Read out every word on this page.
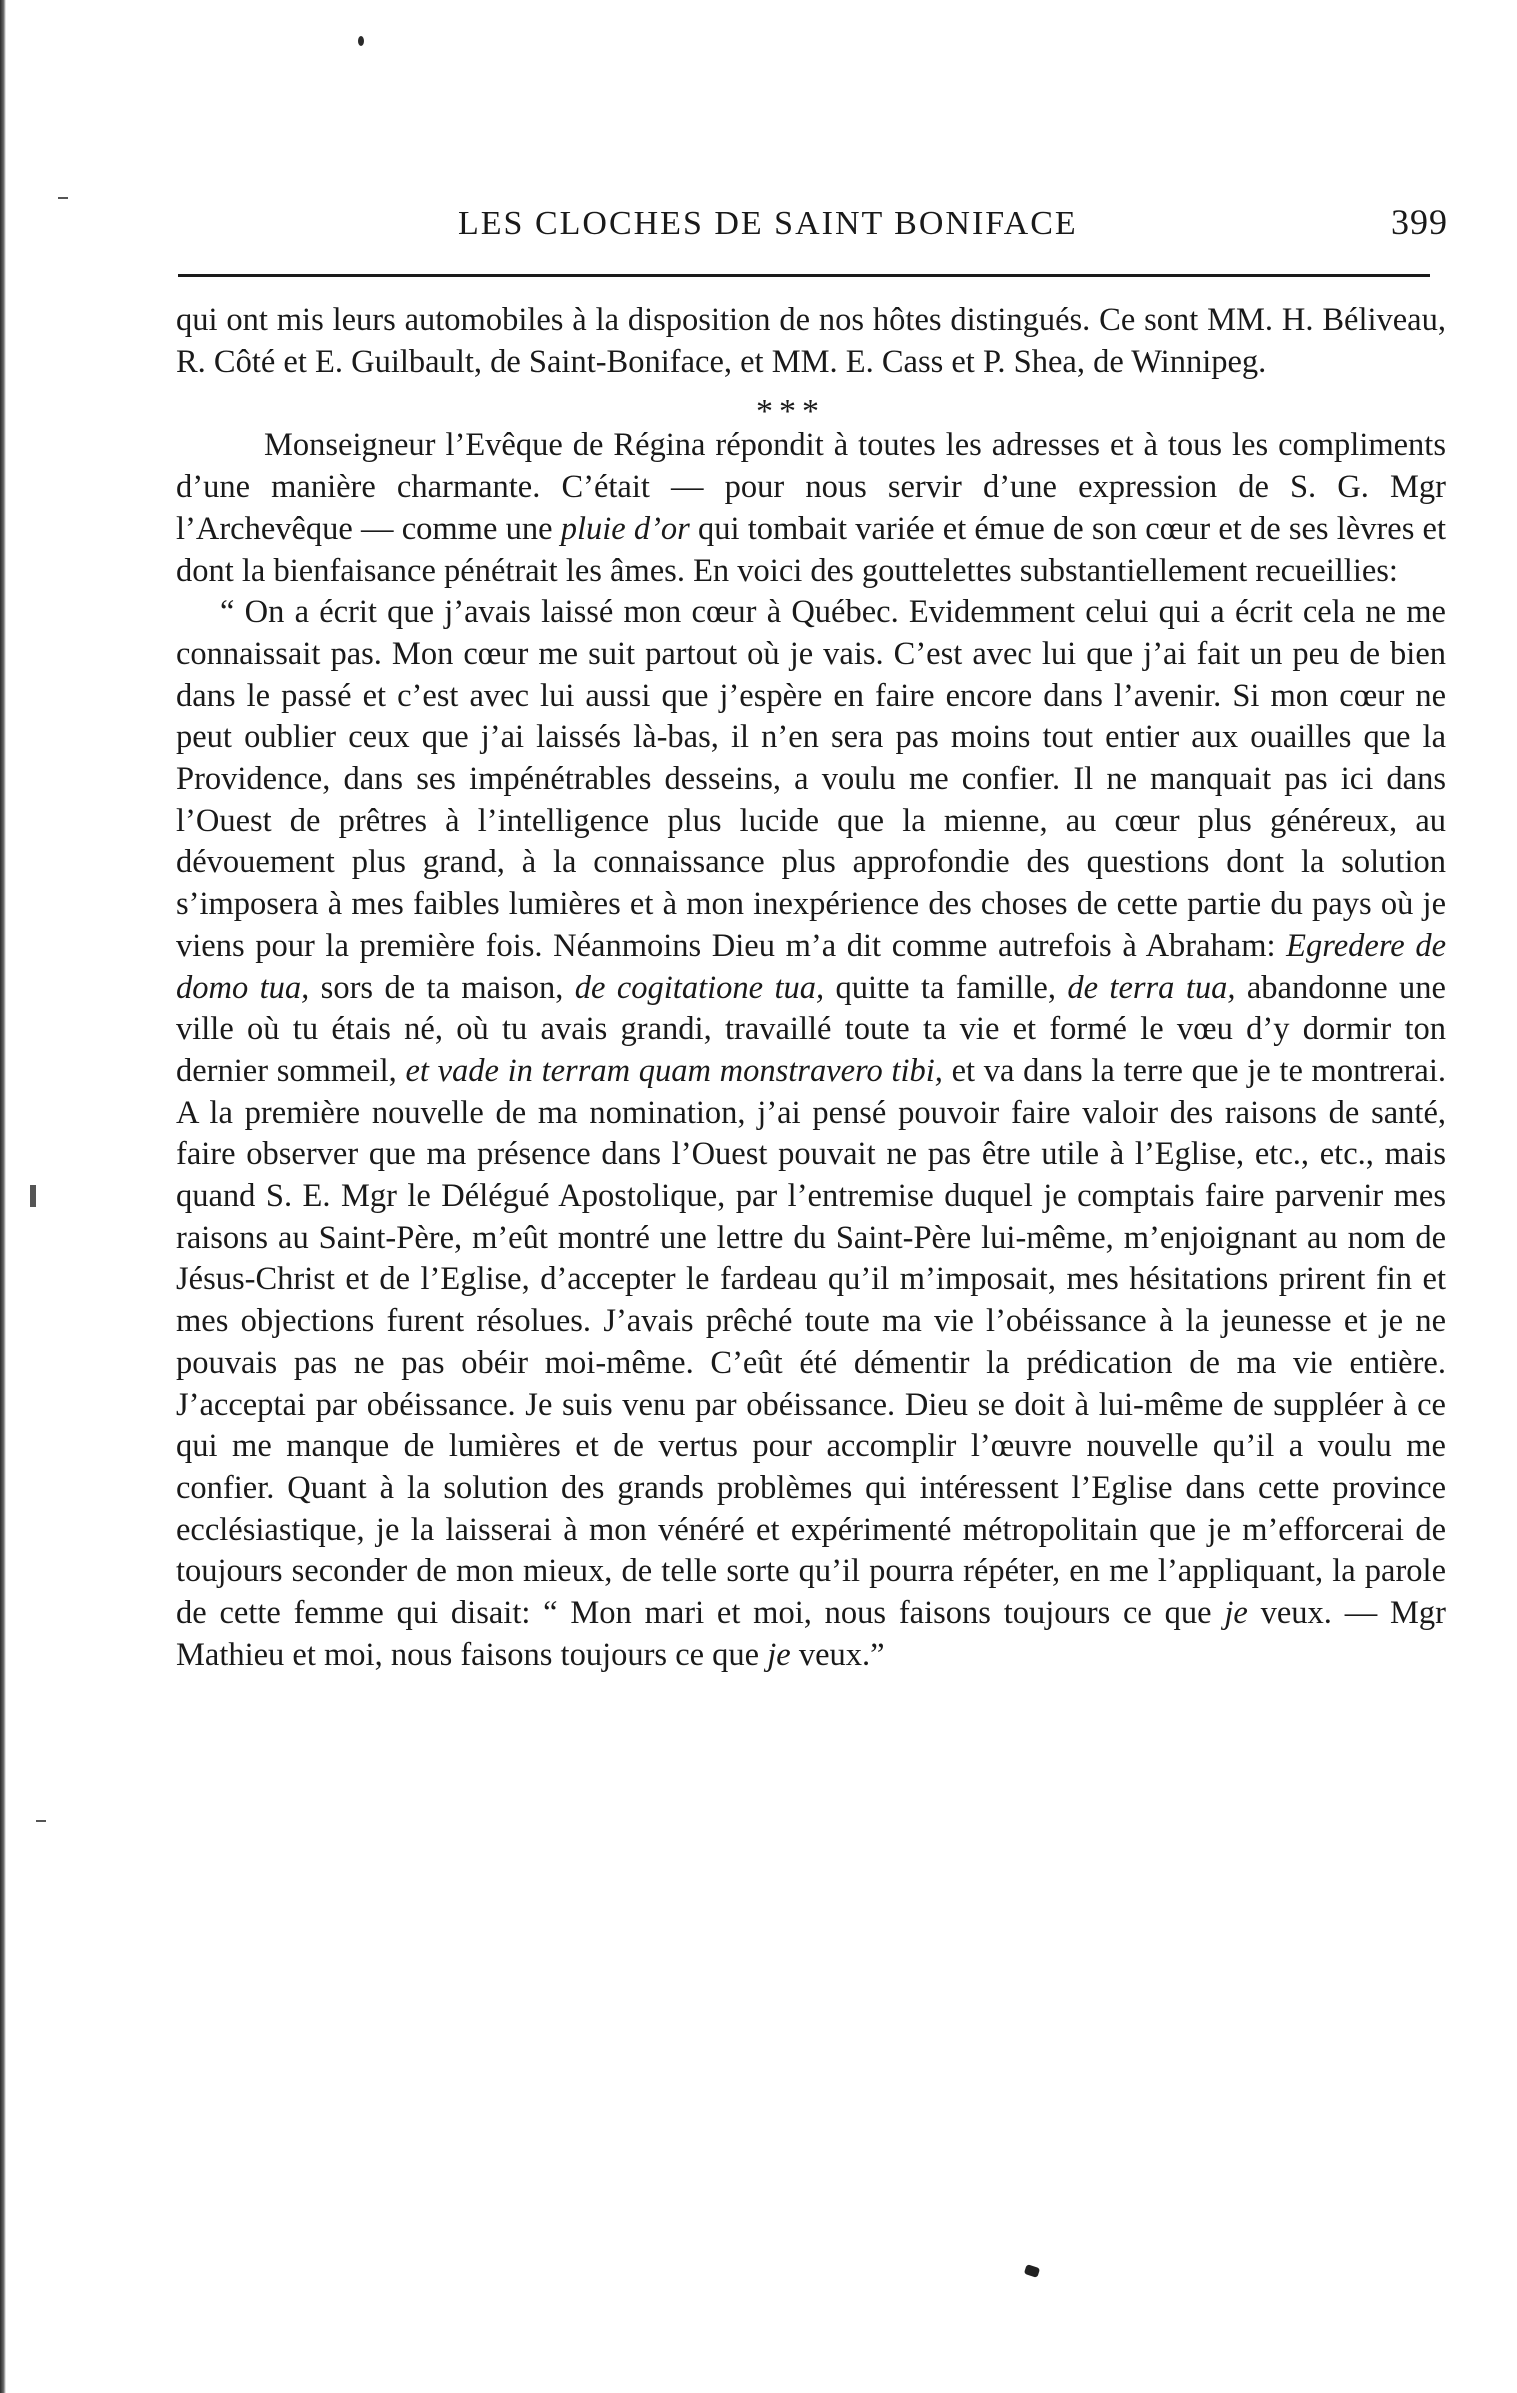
LES CLOCHES DE SAINT BONIFACE	399

qui ont mis leurs automobiles à la disposition de nos hôtes distingués. Ce sont MM. H. Béliveau, R. Côté et E. Guilbault, de Saint-Boniface, et MM. E. Cass et P. Shea, de Winnipeg.

***

Monseigneur l’Evêque de Régina répondit à toutes les adresses et à tous les compliments d’une manière charmante. C’était — pour nous servir d’une expression de S. G. Mgr l’Archevêque — comme une pluie d’or qui tombait variée et émue de son cœur et de ses lèvres et dont la bienfaisance pénétrait les âmes. En voici des gouttelettes substantiellement recueillies:

“ On a écrit que j’avais laissé mon cœur à Québec. Evidemment celui qui a écrit cela ne me connaissait pas. Mon cœur me suit partout où je vais. C’est avec lui que j’ai fait un peu de bien dans le passé et c’est avec lui aussi que j’espère en faire encore dans l’avenir. Si mon cœur ne peut oublier ceux que j’ai laissés là-bas, il n’en sera pas moins tout entier aux ouailles que la Providence, dans ses impénétrables desseins, a voulu me confier. Il ne manquait pas ici dans l’Ouest de prêtres à l’intelligence plus lucide que la mienne, au cœur plus généreux, au dévouement plus grand, à la connaissance plus approfondie des questions dont la solution s’imposera à mes faibles lumières et à mon inexpérience des choses de cette partie du pays où je viens pour la première fois. Néanmoins Dieu m’a dit comme autrefois à Abraham: Egredere de domo tua, sors de ta maison, de cogitatione tua, quitte ta famille, de terra tua, abandonne une ville où tu étais né, où tu avais grandi, travaillé toute ta vie et formé le vœu d’y dormir ton dernier sommeil, et vade in terram quam monstravero tibi, et va dans la terre que je te montrerai. A la première nouvelle de ma nomination, j’ai pensé pouvoir faire valoir des raisons de santé, faire observer que ma présence dans l’Ouest pouvait ne pas être utile à l’Eglise, etc., etc., mais quand S. E. Mgr le Délégué Apostolique, par l’entremise duquel je comptais faire parvenir mes raisons au Saint-Père, m’eût montré une lettre du Saint-Père lui-même, m’enjoignant au nom de Jésus-Christ et de l’Eglise, d’accepter le fardeau qu’il m’imposait, mes hésitations prirent fin et mes objections furent résolues. J’avais prêché toute ma vie l’obéissance à la jeunesse et je ne pouvais pas ne pas obéir moi-même. C’eût été démentir la prédication de ma vie entière. J’acceptai par obéissance. Je suis venu par obéissance. Dieu se doit à lui-même de suppléer à ce qui me manque de lumières et de vertus pour accomplir l’œuvre nouvelle qu’il a voulu me confier. Quant à la solution des grands problèmes qui intéressent l’Eglise dans cette province ecclésiastique, je la laisserai à mon vénéré et expérimenté métropolitain que je m’efforcerai de toujours seconder de mon mieux, de telle sorte qu’il pourra répéter, en me l’appliquant, la parole de cette femme qui disait: “ Mon mari et moi, nous faisons toujours ce que je veux. — Mgr Mathieu et moi, nous faisons toujours ce que je veux.”
